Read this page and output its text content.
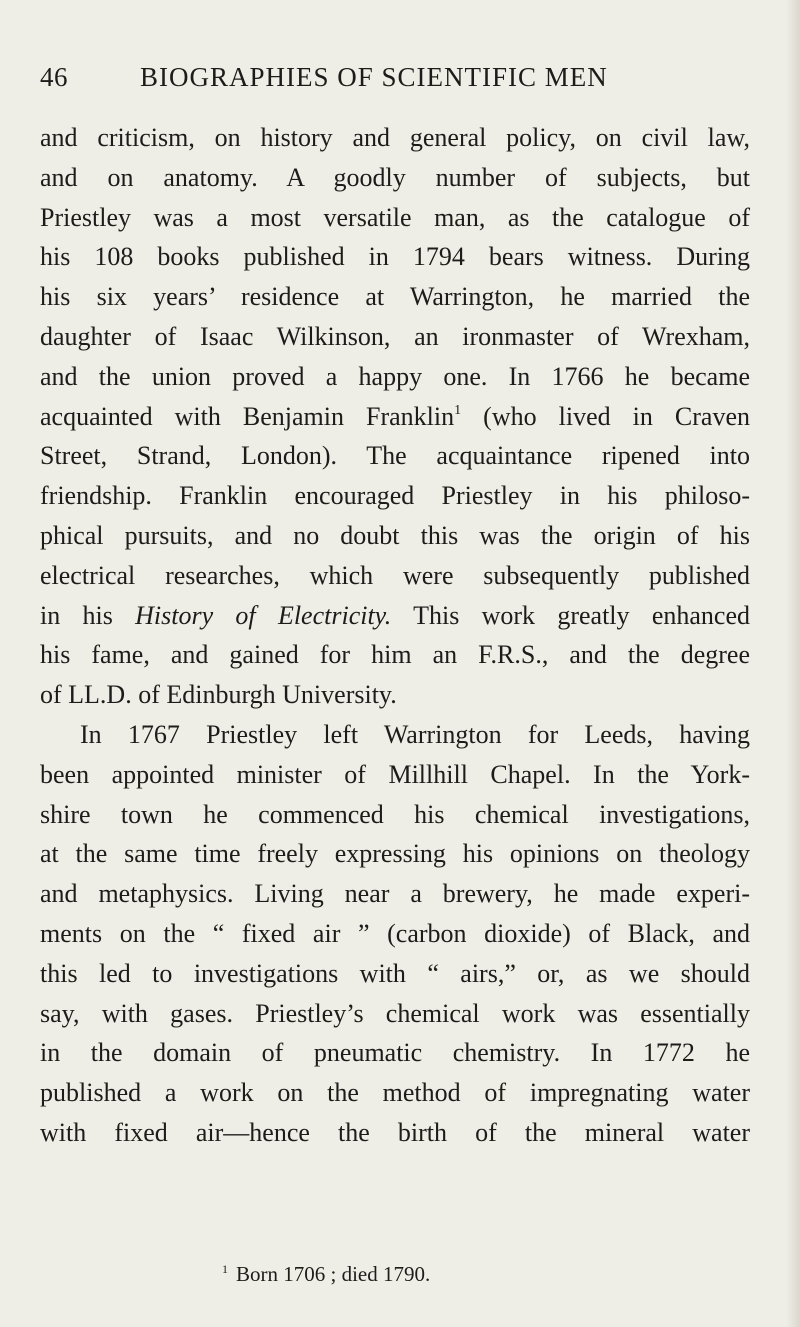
46	BIOGRAPHIES OF SCIENTIFIC MEN
and criticism, on history and general policy, on civil law,
and on anatomy. A goodly number of subjects, but
Priestley was a most versatile man, as the catalogue of
his 108 books published in 1794 bears witness. During
his six years’ residence at Warrington, he married the
daughter of Isaac Wilkinson, an ironmaster of Wrexham,
and the union proved a happy one. In 1766 he became
acquainted with Benjamin Franklin$^1$ (who lived in Craven
Street, Strand, London). The acquaintance ripened into
friendship. Franklin encouraged Priestley in his philoso-
phical pursuits, and no doubt this was the origin of his
electrical researches, which were subsequently published
in his History of Electricity. This work greatly enhanced
his fame, and gained for him an F.R.S., and the degree
of LL.D. of Edinburgh University.
In 1767 Priestley left Warrington for Leeds, having
been appointed minister of Millhill Chapel. In the York-
shire town he commenced his chemical investigations,
at the same time freely expressing his opinions on theology
and metaphysics. Living near a brewery, he made experi-
ments on the “ fixed air ” (carbon dioxide) of Black, and
this led to investigations with “ airs,” or, as we should
say, with gases. Priestley’s chemical work was essentially
in the domain of pneumatic chemistry. In 1772 he
published a work on the method of impregnating water
with fixed air—hence the birth of the mineral water
$^1$ Born 1706 ; died 1790.
